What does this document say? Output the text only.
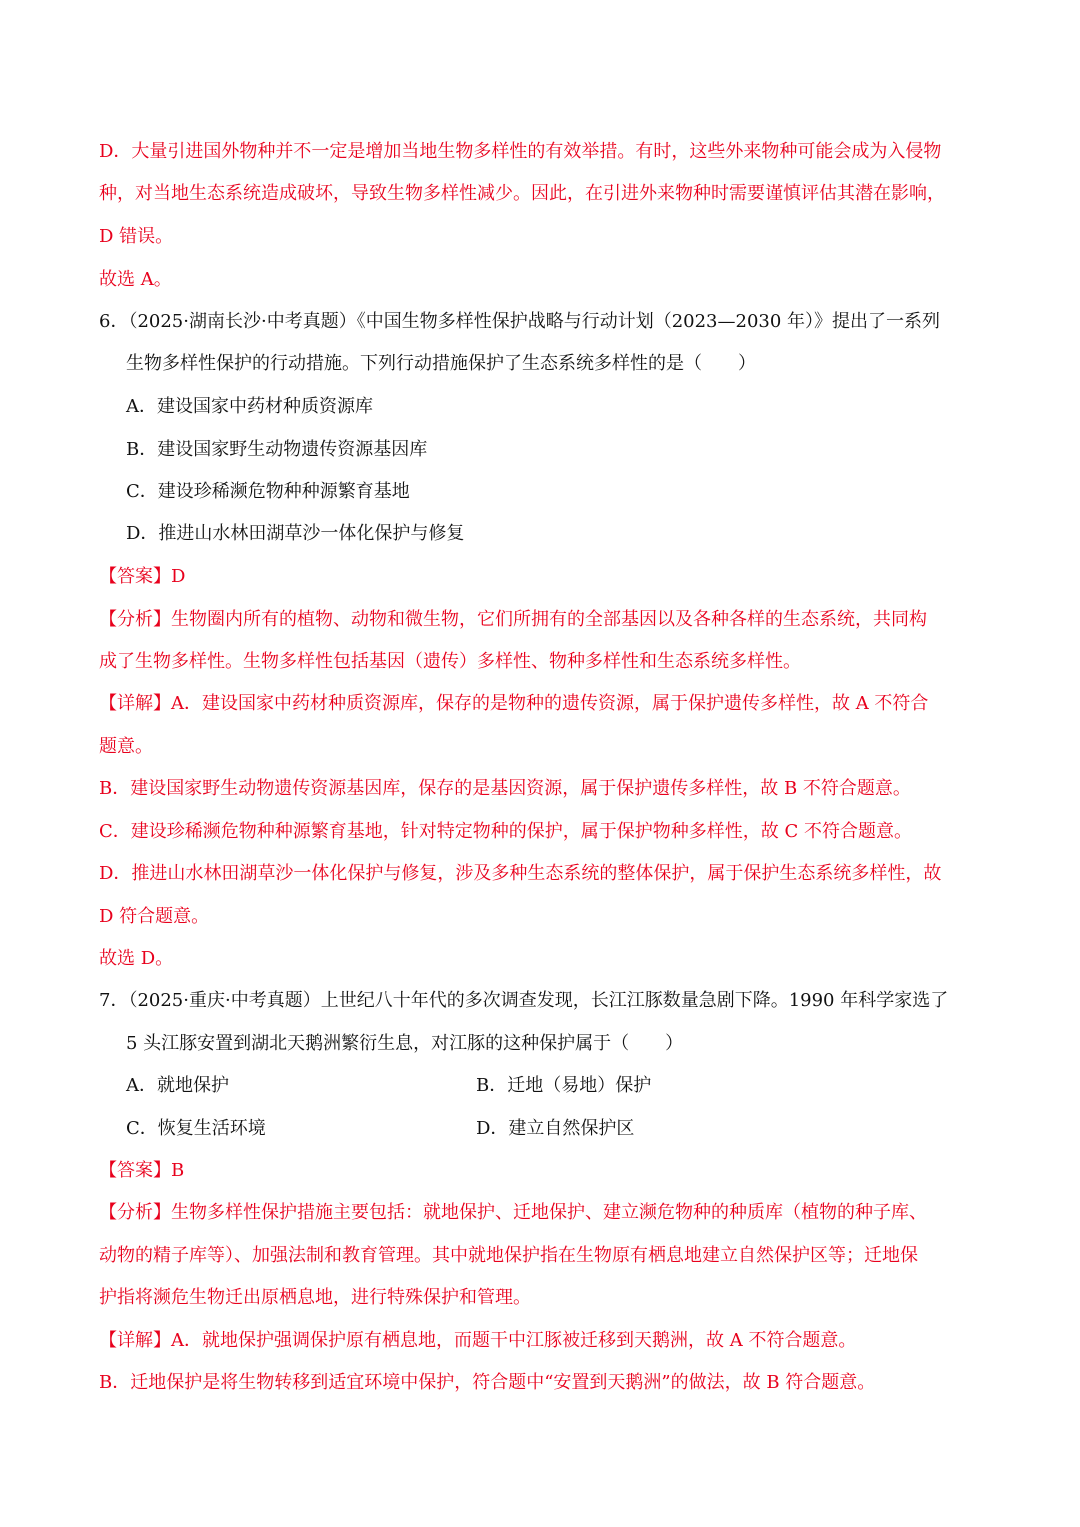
D．大量引进国外物种并不一定是增加当地生物多样性的有效举措。有时，这些外来物种可能会成为入侵物
种，对当地生态系统造成破坏，导致生物多样性减少。因此，在引进外来物种时需要谨慎评估其潜在影响，
D 错误。
故选 A。
6．（2025·湖南长沙·中考真题）《中国生物多样性保护战略与行动计划（2023—2030 年）》提出了一系列
生物多样性保护的行动措施。下列行动措施保护了生态系统多样性的是（　　）
A．建设国家中药材种质资源库
B．建设国家野生动物遗传资源基因库
C．建设珍稀濒危物种种源繁育基地
D．推进山水林田湖草沙一体化保护与修复
【答案】D
【分析】生物圈内所有的植物、动物和微生物，它们所拥有的全部基因以及各种各样的生态系统，共同构
成了生物多样性。生物多样性包括基因（遗传）多样性、物种多样性和生态系统多样性。
【详解】A．建设国家中药材种质资源库，保存的是物种的遗传资源，属于保护遗传多样性，故 A 不符合
题意。
B．建设国家野生动物遗传资源基因库，保存的是基因资源，属于保护遗传多样性，故 B 不符合题意。
C．建设珍稀濒危物种种源繁育基地，针对特定物种的保护，属于保护物种多样性，故 C 不符合题意。
D．推进山水林田湖草沙一体化保护与修复，涉及多种生态系统的整体保护，属于保护生态系统多样性，故
D 符合题意。
故选 D。
7．（2025·重庆·中考真题）上世纪八十年代的多次调查发现，长江江豚数量急剧下降。1990 年科学家选了
5 头江豚安置到湖北天鹅洲繁衍生息，对江豚的这种保护属于（　　）
A．就地保护	B．迁地（易地）保护
C．恢复生活环境	D．建立自然保护区
【答案】B
【分析】生物多样性保护措施主要包括：就地保护、迁地保护、建立濒危物种的种质库（植物的种子库、
动物的精子库等）、加强法制和教育管理。其中就地保护指在生物原有栖息地建立自然保护区等；迁地保
护指将濒危生物迁出原栖息地，进行特殊保护和管理。
【详解】A．就地保护强调保护原有栖息地，而题干中江豚被迁移到天鹅洲，故 A 不符合题意。
B．迁地保护是将生物转移到适宜环境中保护，符合题中“安置到天鹅洲”的做法，故 B 符合题意。
